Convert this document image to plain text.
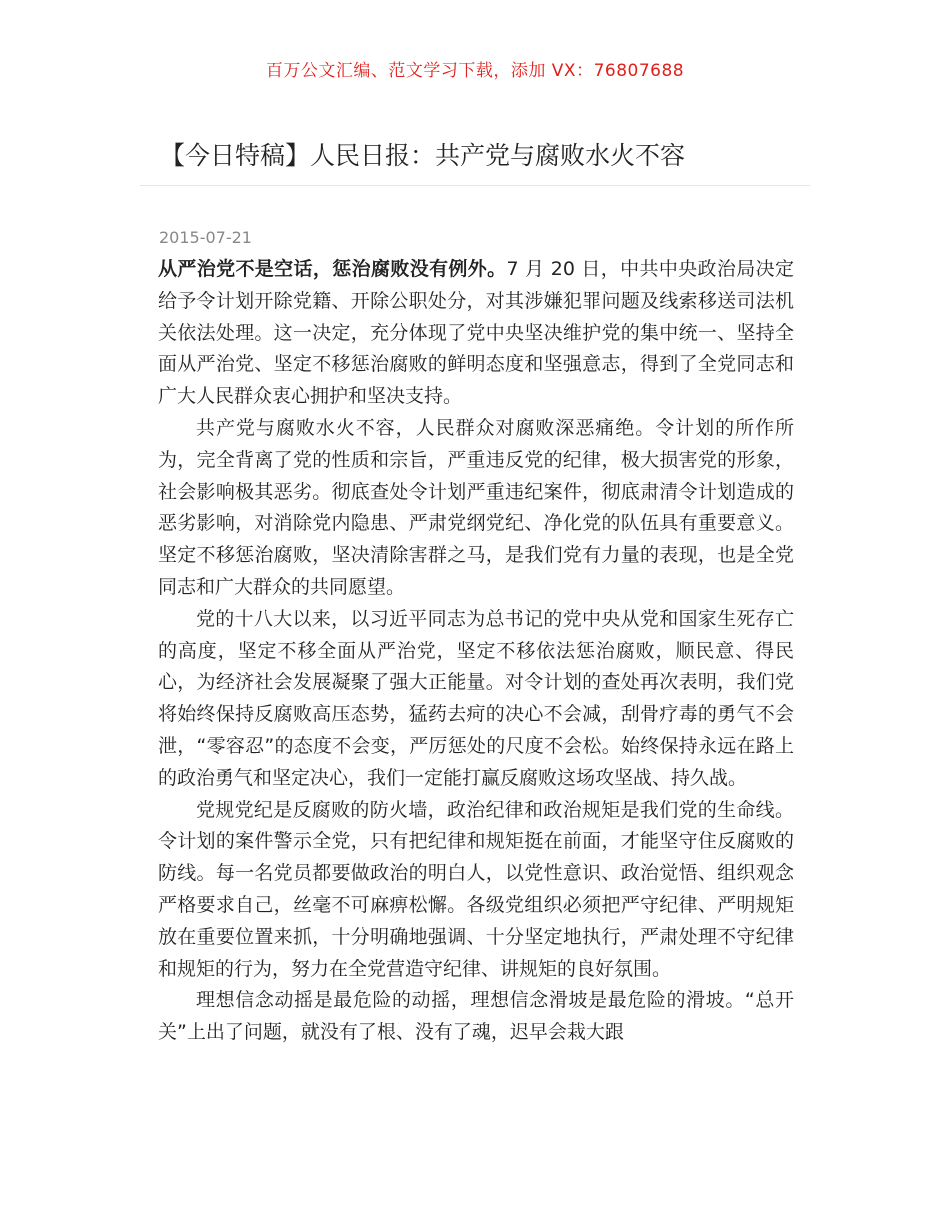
百万公文汇编、范文学习下载，添加 VX：76807688
【今日特稿】人民日报：共产党与腐败水火不容
2015-07-21

从严治党不是空话，惩治腐败没有例外。7 月 20 日，中共中央政治局决定给予令计划开除党籍、开除公职处分，对其涉嫌犯罪问题及线索移送司法机关依法处理。这一决定，充分体现了党中央坚决维护党的集中统一、坚持全面从严治党、坚定不移惩治腐败的鲜明态度和坚强意志，得到了全党同志和广大人民群众衷心拥护和坚决支持。

共产党与腐败水火不容，人民群众对腐败深恶痛绝。令计划的所作所为，完全背离了党的性质和宗旨，严重违反党的纪律，极大损害党的形象，社会影响极其恶劣。彻底查处令计划严重违纪案件，彻底肃清令计划造成的恶劣影响，对消除党内隐患、严肃党纲党纪、净化党的队伍具有重要意义。坚定不移惩治腐败，坚决清除害群之马，是我们党有力量的表现，也是全党同志和广大群众的共同愿望。

党的十八大以来，以习近平同志为总书记的党中央从党和国家生死存亡的高度，坚定不移全面从严治党，坚定不移依法惩治腐败，顺民意、得民心，为经济社会发展凝聚了强大正能量。对令计划的查处再次表明，我们党将始终保持反腐败高压态势，猛药去疴的决心不会减，刮骨疗毒的勇气不会泄，“零容忍”的态度不会变，严厉惩处的尺度不会松。始终保持永远在路上的政治勇气和坚定决心，我们一定能打赢反腐败这场攻坚战、持久战。

党规党纪是反腐败的防火墙，政治纪律和政治规矩是我们党的生命线。令计划的案件警示全党，只有把纪律和规矩挺在前面，才能坚守住反腐败的防线。每一名党员都要做政治的明白人，以党性意识、政治觉悟、组织观念严格要求自己，丝毫不可麻痹松懈。各级党组织必须把严守纪律、严明规矩放在重要位置来抓，十分明确地强调、十分坚定地执行，严肃处理不守纪律和规矩的行为，努力在全党营造守纪律、讲规矩的良好氛围。

理想信念动摇是最危险的动摇，理想信念滑坡是最危险的滑坡。“总开关”上出了问题，就没有了根、没有了魂，迟早会栽大跟
